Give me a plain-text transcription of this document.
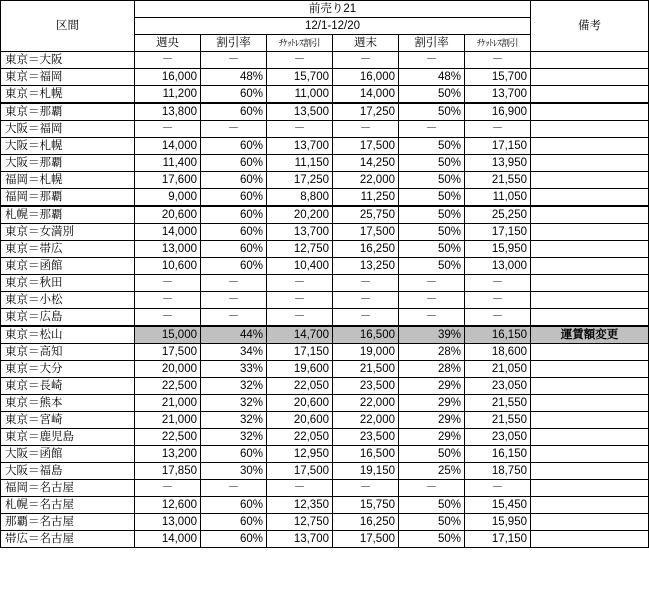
区間	前売り21						備考
	12/1-12/20						
	週央	割引率	ﾁｹｯﾄﾚｽ割引	週末	割引率	ﾁｹｯﾄﾚｽ割引	
東京＝大阪	－	－	－	－	－	－	
東京＝福岡	16,000	48%	15,700	16,000	48%	15,700	
東京＝札幌	11,200	60%	11,000	14,000	50%	13,700	
東京＝那覇	13,800	60%	13,500	17,250	50%	16,900	
大阪＝福岡	－	－	－	－	－	－	
大阪＝札幌	14,000	60%	13,700	17,500	50%	17,150	
大阪＝那覇	11,400	60%	11,150	14,250	50%	13,950	
福岡＝札幌	17,600	60%	17,250	22,000	50%	21,550	
福岡＝那覇	9,000	60%	8,800	11,250	50%	11,050	
札幌＝那覇	20,600	60%	20,200	25,750	50%	25,250	
東京＝女満別	14,000	60%	13,700	17,500	50%	17,150	
東京＝帯広	13,000	60%	12,750	16,250	50%	15,950	
東京＝函館	10,600	60%	10,400	13,250	50%	13,000	
東京＝秋田	－	－	－	－	－	－	
東京＝小松	－	－	－	－	－	－	
東京＝広島	－	－	－	－	－	－	
東京＝松山	15,000	44%	14,700	16,500	39%	16,150	運賃額変更
東京＝高知	17,500	34%	17,150	19,000	28%	18,600	
東京＝大分	20,000	33%	19,600	21,500	28%	21,050	
東京＝長崎	22,500	32%	22,050	23,500	29%	23,050	
東京＝熊本	21,000	32%	20,600	22,000	29%	21,550	
東京＝宮崎	21,000	32%	20,600	22,000	29%	21,550	
東京＝鹿児島	22,500	32%	22,050	23,500	29%	23,050	
大阪＝函館	13,200	60%	12,950	16,500	50%	16,150	
大阪＝福島	17,850	30%	17,500	19,150	25%	18,750	
福岡＝名古屋	－	－	－	－	－	－	
札幌＝名古屋	12,600	60%	12,350	15,750	50%	15,450	
那覇＝名古屋	13,000	60%	12,750	16,250	50%	15,950	
帯広＝名古屋	14,000	60%	13,700	17,500	50%	17,150	
